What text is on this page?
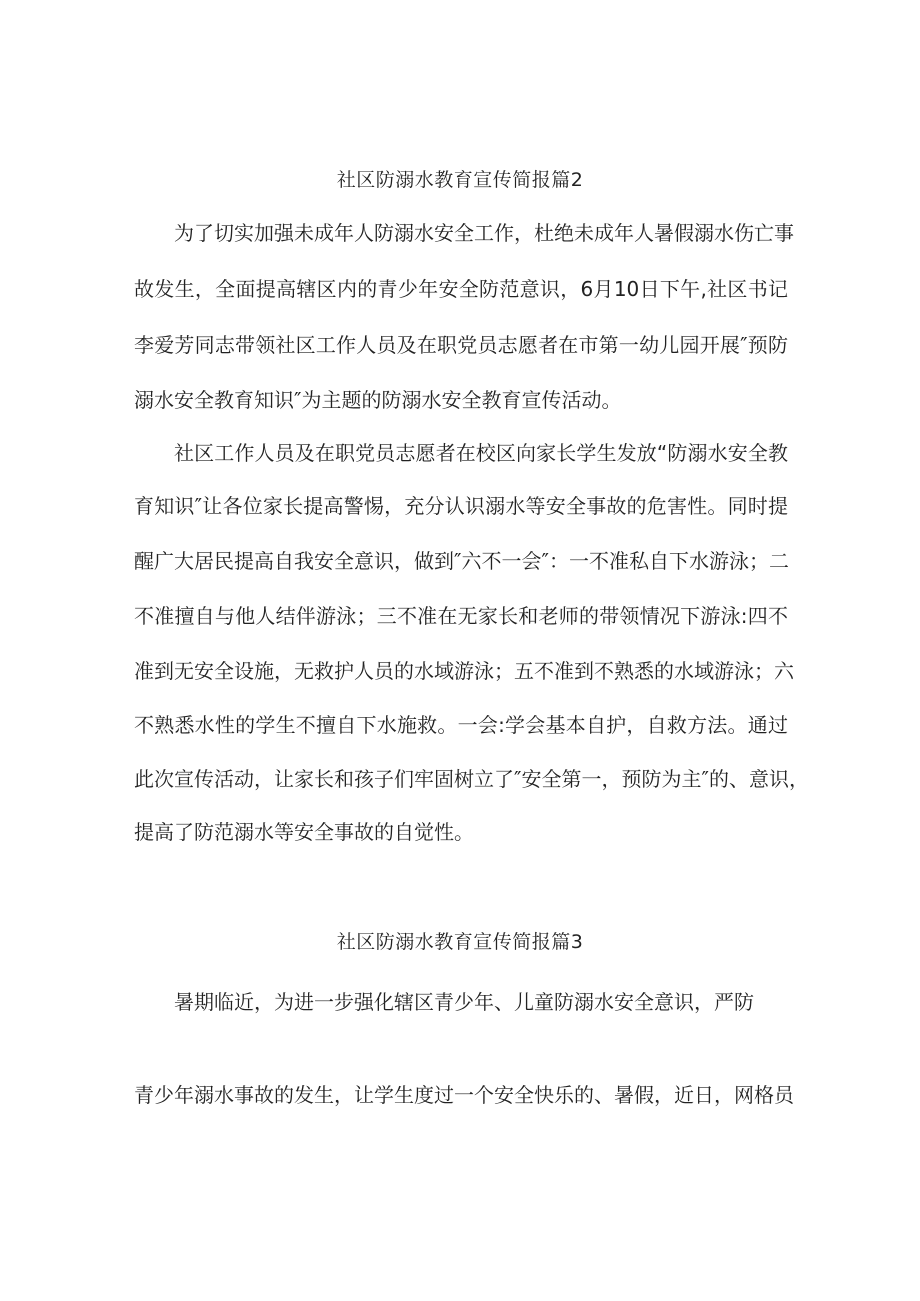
社区防溺水教育宣传简报篇2
为了切实加强未成年人防溺水安全工作，杜绝未成年人暑假溺水伤亡事
故发生，全面提高辖区内的青少年安全防范意识，6月10日下午,社区书记
李爱芳同志带领社区工作人员及在职党员志愿者在市第一幼儿园开展″预防
溺水安全教育知识″为主题的防溺水安全教育宣传活动。
社区工作人员及在职党员志愿者在校区向家长学生发放“防溺水安全教
育知识″让各位家长提高警惕，充分认识溺水等安全事故的危害性。同时提
醒广大居民提高自我安全意识，做到″六不一会″：一不准私自下水游泳；二
不准擅自与他人结伴游泳；三不准在无家长和老师的带领情况下游泳:四不
准到无安全设施，无救护人员的水域游泳；五不准到不熟悉的水域游泳；六
不熟悉水性的学生不擅自下水施救。一会:学会基本自护，自救方法。通过
此次宣传活动，让家长和孩子们牢固树立了″安全第一，预防为主″的、意识，
提高了防范溺水等安全事故的自觉性。
社区防溺水教育宣传简报篇3
暑期临近，为进一步强化辖区青少年、儿童防溺水安全意识，严防
青少年溺水事故的发生，让学生度过一个安全快乐的、暑假，近日，网格员
